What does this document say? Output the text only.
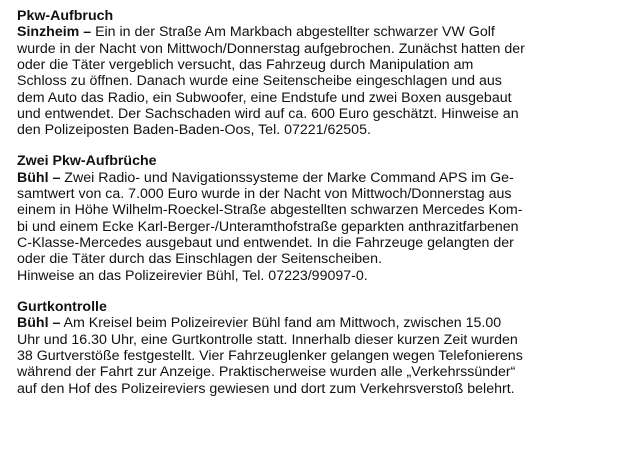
Pkw-Aufbruch

Sinzheim – Ein in der Straße Am Markbach abgestellter schwarzer VW Golf

wurde in der Nacht von Mittwoch/Donnerstag aufgebrochen. Zunächst hatten der

oder die Täter vergeblich versucht, das Fahrzeug durch Manipulation am

Schloss zu öffnen. Danach wurde eine Seitenscheibe eingeschlagen und aus

dem Auto das Radio, ein Subwoofer, eine Endstufe und zwei Boxen ausgebaut

und entwendet. Der Sachschaden wird auf ca. 600 Euro geschätzt. Hinweise an

den Polizeiposten Baden-Baden-Oos, Tel. 07221/62505.

Zwei Pkw-Aufbrüche

Bühl – Zwei Radio- und Navigationssysteme der Marke Command APS im Ge-

samtwert von ca. 7.000 Euro wurde in der Nacht von Mittwoch/Donnerstag aus

einem in Höhe Wilhelm-Roeckel-Straße abgestellten schwarzen Mercedes Kom-

bi und einem Ecke Karl-Berger-/Unteramthofstraße geparkten anthrazitfarbenen

C-Klasse-Mercedes ausgebaut und entwendet. In die Fahrzeuge gelangten der

oder die Täter durch das Einschlagen der Seitenscheiben.

Hinweise an das Polizeirevier Bühl, Tel. 07223/99097-0.

Gurtkontrolle

Bühl – Am Kreisel beim Polizeirevier Bühl fand am Mittwoch, zwischen 15.00

Uhr und 16.30 Uhr, eine Gurtkontrolle statt. Innerhalb dieser kurzen Zeit wurden

38 Gurtverstöße festgestellt. Vier Fahrzeuglenker gelangen wegen Telefonierens

während der Fahrt zur Anzeige. Praktischerweise wurden alle „Verkehrssünder“

auf den Hof des Polizeireviers gewiesen und dort zum Verkehrsverstoß belehrt.
